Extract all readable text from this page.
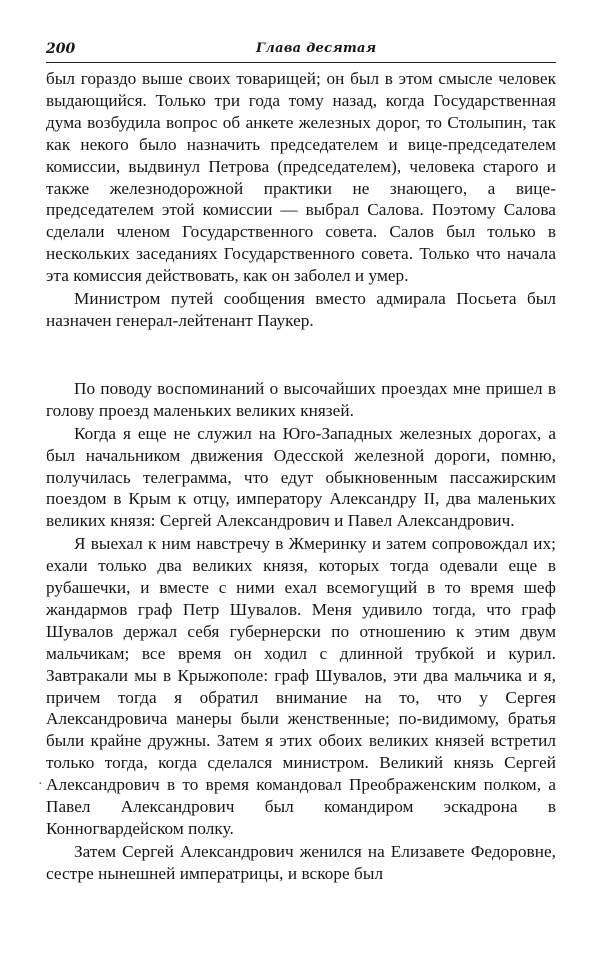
200	Глава десятая

был гораздо выше своих товарищей; он был в этом смысле человек выдающийся. Только три года тому назад, когда Государственная дума возбудила вопрос об анкете железных дорог, то Столыпин, так как некого было назначить председателем и вице-председателем комиссии, выдвинул Петрова (председателем), человека старого и также железнодорожной практики не знающего, а вице-председателем этой комиссии — выбрал Салова. Поэтому Салова сделали членом Государственного совета. Салов был только в нескольких заседаниях Государственного совета. Только что начала эта комиссия действовать, как он заболел и умер.

Министром путей сообщения вместо адмирала Посьета был назначен генерал-лейтенант Паукер.

По поводу воспоминаний о высочайших проездах мне пришел в голову проезд маленьких великих князей.

Когда я еще не служил на Юго-Западных железных дорогах, а был начальником движения Одесской железной дороги, помню, получилась телеграмма, что едут обыкновенным пассажирским поездом в Крым к отцу, императору Александру II, два маленьких великих князя: Сергей Александрович и Павел Александрович.

Я выехал к ним навстречу в Жмеринку и затем сопровождал их; ехали только два великих князя, которых тогда одевали еще в рубашечки, и вместе с ними ехал всемогущий в то время шеф жандармов граф Петр Шувалов. Меня удивило тогда, что граф Шувалов держал себя губернерски по отношению к этим двум мальчикам; все время он ходил с длинной трубкой и курил. Завтракали мы в Крыжополе: граф Шувалов, эти два мальчика и я, причем тогда я обратил внимание на то, что у Сергея Александровича манеры были женственные; по-видимому, братья были крайне дружны. Затем я этих обоих великих князей встретил только тогда, когда сделался министром. Великий князь Сергей Александрович в то время командовал Преображенским полком, а Павел Александрович был командиром эскадрона в Конногвардейском полку.

Затем Сергей Александрович женился на Елизавете Федоровне, сестре нынешней императрицы, и вскоре был

·
